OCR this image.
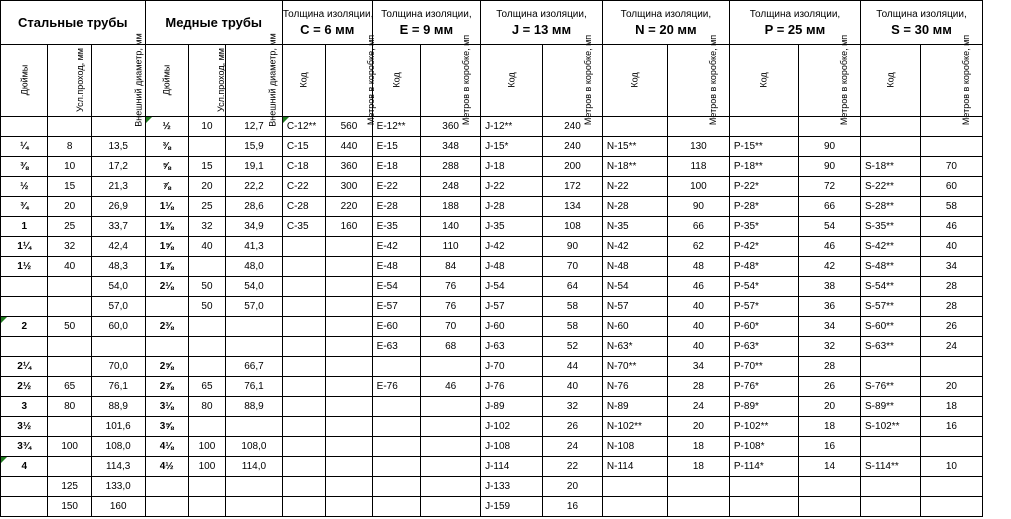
Стальные трубы			Медные трубы			Толщина изоляции,
C = 6 мм		Толщина изоляции,
E = 9 мм		Толщина изоляции,
J = 13 мм		Толщина изоляции,
N = 20 мм		Толщина изоляции,
P = 25 мм		Толщина изоляции,
S = 30 мм	

Дюймы	Усл.проход, мм	Внешний диаметр, мм	Дюймы	Усл.проход, мм	Внешний диаметр, мм	Код	Метров в коробке, мп	Код	Метров в коробке, мп	Код	Метров в коробке, мп	Код	Метров в коробке, мп	Код	Метров в коробке, мп	Код	Метров в коробке, мп
			½	10	12,7	C-12**	560	E-12**	360	J-12**	240						
¼	8	13,5	⅜		15,9	C-15	440	E-15	348	J-15*	240	N-15**	130	P-15**	90		
⅜	10	17,2	⅝	15	19,1	C-18	360	E-18	288	J-18	200	N-18**	118	P-18**	90	S-18**	70
½	15	21,3	⅞	20	22,2	C-22	300	E-22	248	J-22	172	N-22	100	P-22*	72	S-22**	60
¾	20	26,9	1⅛	25	28,6	C-28	220	E-28	188	J-28	134	N-28	90	P-28*	66	S-28**	58
1	25	33,7	1⅜	32	34,9	C-35	160	E-35	140	J-35	108	N-35	66	P-35*	54	S-35**	46
1¼	32	42,4	1⅝	40	41,3			E-42	110	J-42	90	N-42	62	P-42*	46	S-42**	40
1½	40	48,3	1⅞		48,0			E-48	84	J-48	70	N-48	48	P-48*	42	S-48**	34
		54,0	2⅛	50	54,0			E-54	76	J-54	64	N-54	46	P-54*	38	S-54**	28
		57,0		50	57,0			E-57	76	J-57	58	N-57	40	P-57*	36	S-57**	28
2	50	60,0	2⅜					E-60	70	J-60	58	N-60	40	P-60*	34	S-60**	26
								E-63	68	J-63	52	N-63*	40	P-63*	32	S-63**	24
2¼		70,0	2⅝		66,7					J-70	44	N-70**	34	P-70**	28		
2½	65	76,1	2⅞	65	76,1			E-76	46	J-76	40	N-76	28	P-76*	26	S-76**	20
3	80	88,9	3⅛	80	88,9					J-89	32	N-89	24	P-89*	20	S-89**	18
3½		101,6	3⅝							J-102	26	N-102**	20	P-102**	18	S-102**	16
3¾	100	108,0	4⅛	100	108,0					J-108	24	N-108	18	P-108*	16		
4		114,3	4½	100	114,0					J-114	22	N-114	18	P-114*	14	S-114**	10
	125	133,0								J-133	20						
	150	160								J-159	16						
